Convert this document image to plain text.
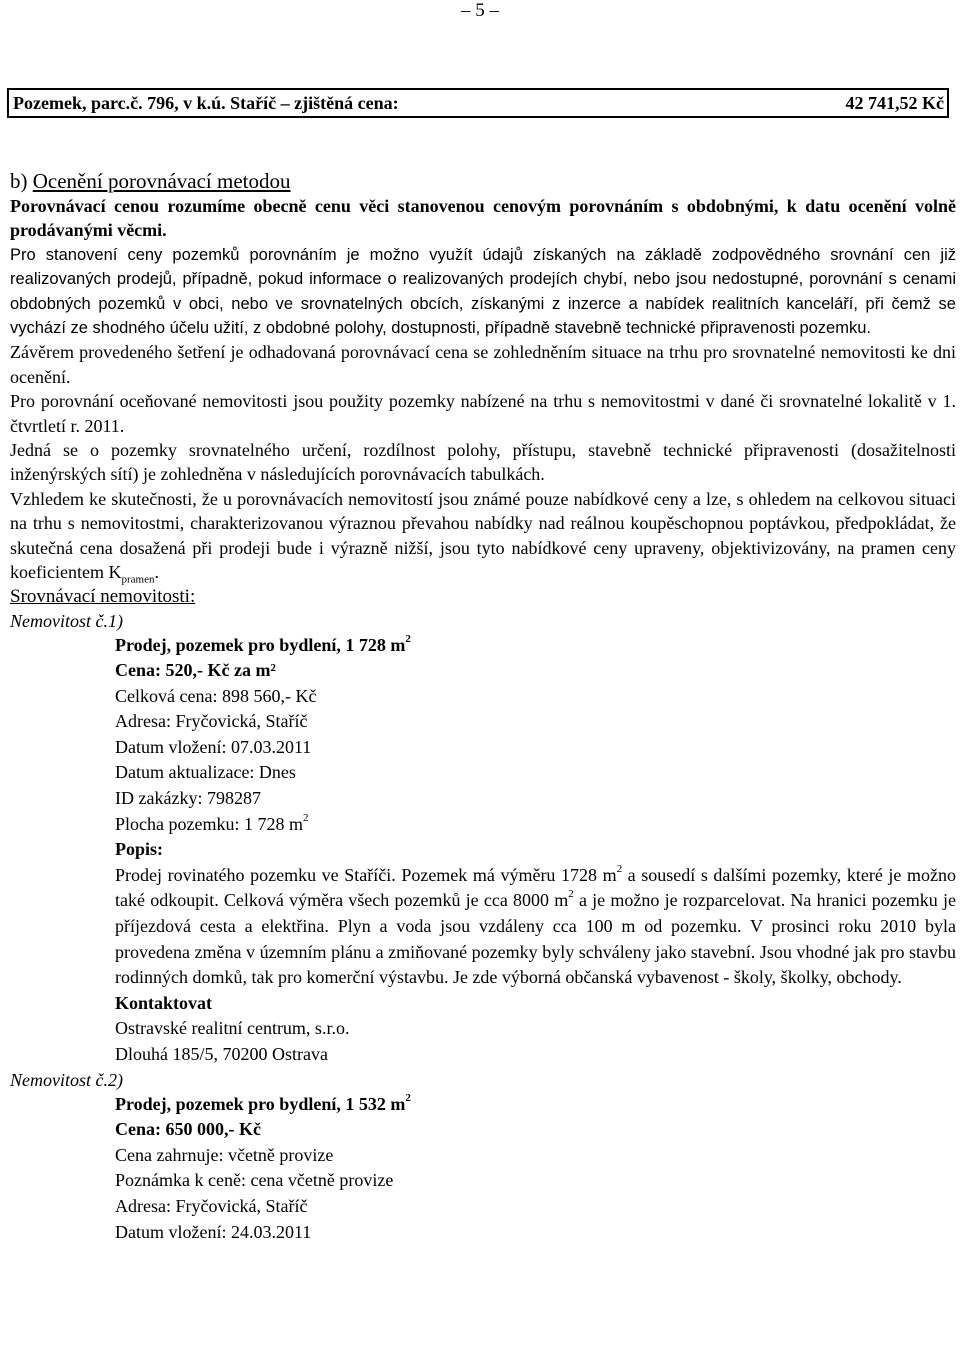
– 5 –
Pozemek, parc.č. 796, v k.ú. Staříč – zjištěná cena:	42 741,52 Kč
b) Ocenění porovnávací metodou

Porovnávací cenou rozumíme obecně cenu věci stanovenou cenovým porovnáním s obdobnými, k datu ocenění volně prodávanými věcmi.

Pro stanovení ceny pozemků porovnáním je možno využít údajů získaných na základě zodpovědného srovnání cen již realizovaných prodejů, případně, pokud informace o realizovaných prodejích chybí, nebo jsou nedostupné, porovnání s cenami obdobných pozemků v obci, nebo ve srovnatelných obcích, získanými z inzerce a nabídek realitních kanceláří, při čemž se vychází ze shodného účelu užití, z obdobné polohy, dostupnosti, případně stavebně technické připravenosti pozemku.

Závěrem provedeného šetření je odhadovaná porovnávací cena se zohledněním situace na trhu pro srovnatelné nemovitosti ke dni ocenění.

Pro porovnání oceňované nemovitosti jsou použity pozemky nabízené na trhu s nemovitostmi v dané či srovnatelné lokalitě v 1. čtvrtletí r. 2011.

Jedná se o pozemky srovnatelného určení, rozdílnost polohy, přístupu, stavebně technické připravenosti (dosažitelnosti inženýrských sítí) je zohledněna v následujících porovnávacích tabulkách.

Vzhledem ke skutečnosti, že u porovnávacích nemovitostí jsou známé pouze nabídkové ceny a lze, s ohledem na celkovou situaci na trhu s nemovitostmi, charakterizovanou výraznou převahou nabídky nad reálnou koupěschopnou poptávkou, předpokládat, že skutečná cena dosažená při prodeji bude i výrazně nižší, jsou tyto nabídkové ceny upraveny, objektivizovány, na pramen ceny koeficientem $K_{pramen}$.

Srovnávací nemovitosti:
Nemovitost č.1)
Prodej, pozemek pro bydlení, 1 728 $m^2$
Cena: 520,- Kč za m²
Celková cena: 898 560,- Kč
Adresa: Fryčovická, Staříč
Datum vložení: 07.03.2011
Datum aktualizace: Dnes
ID zakázky: 798287
Plocha pozemku: 1 728 $m^2$
Popis:

Prodej rovinatého pozemku ve Staříči. Pozemek má výměru 1728 $m^2$ a sousedí s dalšími pozemky, které je možno také odkoupit. Celková výměra všech pozemků je cca 8000 $m^2$ a je možno je rozparcelovat. Na hranici pozemku je příjezdová cesta a elektřina. Plyn a voda jsou vzdáleny cca 100 m od pozemku. V prosinci roku 2010 byla provedena změna v územním plánu a zmiňované pozemky byly schváleny jako stavební. Jsou vhodné jak pro stavbu rodinných domků, tak pro komerční výstavbu. Je zde výborná občanská vybavenost - školy, školky, obchody.

Kontaktovat
Ostravské realitní centrum, s.r.o.
Dlouhá 185/5, 70200 Ostrava
Nemovitost č.2)
Prodej, pozemek pro bydlení, 1 532 $m^2$
Cena: 650 000,- Kč
Cena zahrnuje: včetně provize
Poznámka k ceně: cena včetně provize
Adresa: Fryčovická, Staříč
Datum vložení: 24.03.2011
